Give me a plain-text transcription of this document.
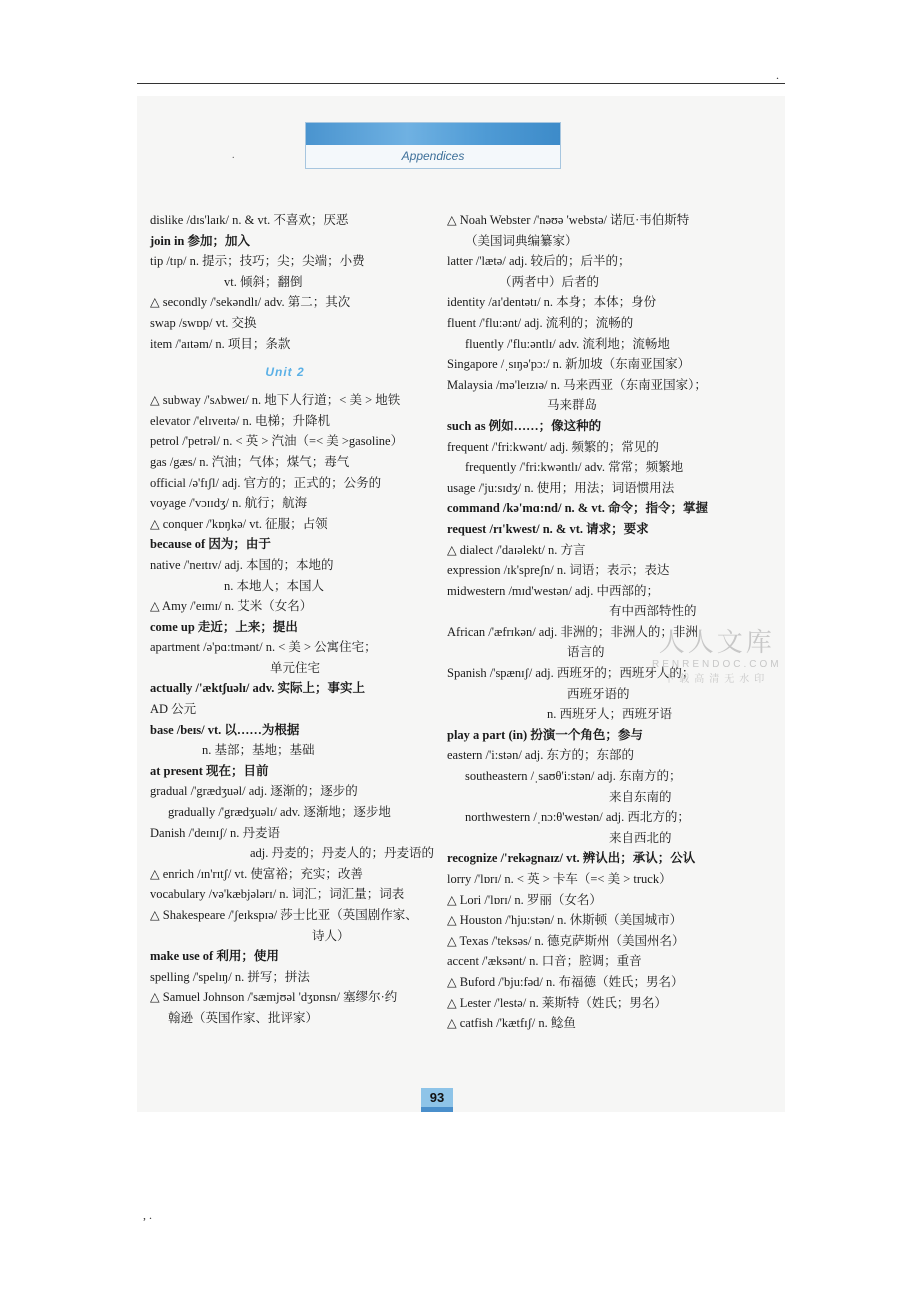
.
Appendices
.
dislike /dɪs'laɪk/ n. & vt. 不喜欢；厌恶
join in 参加；加入
tip /tɪp/ n. 提示；技巧；尖；尖端；小费
vt. 倾斜；翻倒
△ secondly /'sekəndlɪ/ adv. 第二；其次
swap /swɒp/ vt. 交换
item /'aɪtəm/ n. 项目；条款
Unit 2
△ subway /'sʌbweɪ/ n. 地下人行道；< 美 > 地铁
elevator /'elɪveɪtə/ n. 电梯；升降机
petrol /'petrəl/ n. < 英 > 汽油（=< 美 >gasoline）
gas /gæs/ n. 汽油；气体；煤气；毒气
official /ə'fɪʃl/ adj. 官方的；正式的；公务的
voyage /'vɔɪɪdʒ/ n. 航行；航海
△ conquer /'kɒŋkə/ vt. 征服；占领
because of 因为；由于
native /'neɪtɪv/ adj. 本国的；本地的
n. 本地人；本国人
△ Amy /'eɪmɪ/ n. 艾米（女名）
come up 走近；上来；提出
apartment /ə'pɑ:tmənt/ n. < 美 > 公寓住宅；
单元住宅
actually /'æktʃuəlɪ/ adv. 实际上；事实上
AD 公元
base /beɪs/ vt. 以……为根据
n. 基部；基地；基础
at present 现在；目前
gradual /'grædʒuəl/ adj. 逐渐的；逐步的
gradually /'grædʒuəlɪ/ adv. 逐渐地；逐步地
Danish /'deɪnɪʃ/ n. 丹麦语
adj. 丹麦的；丹麦人的；丹麦语的
△ enrich /ɪn'rɪtʃ/ vt. 使富裕；充实；改善
vocabulary /və'kæbjələrɪ/ n. 词汇；词汇量；词表
△ Shakespeare /'ʃeɪkspɪə/ 莎士比亚（英国剧作家、
诗人）
make use of 利用；使用
spelling /'spelɪŋ/ n. 拼写；拼法
△ Samuel Johnson /'sæmjʊəl 'dʒɒnsn/ 塞缪尔·约
翰逊（英国作家、批评家）
△ Noah Webster /'nəʊə 'webstə/ 诺厄·韦伯斯特
（美国词典编纂家）
latter /'lætə/ adj. 较后的；后半的；
（两者中）后者的
identity /aɪ'dentətɪ/ n. 本身；本体；身份
fluent /'flu:ənt/ adj. 流利的；流畅的
fluently /'flu:əntlɪ/ adv. 流利地；流畅地
Singapore /ˌsɪŋə'pɔ:/ n. 新加坡（东南亚国家）
Malaysia /mə'leɪzɪə/ n. 马来西亚（东南亚国家）；
马来群岛
such as 例如……；像这种的
frequent /'fri:kwənt/ adj. 频繁的；常见的
frequently /'fri:kwəntlɪ/ adv. 常常；频繁地
usage /'ju:sɪdʒ/ n. 使用；用法；词语惯用法
command /kə'mɑ:nd/ n. & vt. 命令；指令；掌握
request /rɪ'kwest/ n. & vt. 请求；要求
△ dialect /'daɪəlekt/ n. 方言
expression /ɪk'spreʃn/ n. 词语；表示；表达
midwestern /mɪd'westən/ adj. 中西部的；
有中西部特性的
African /'æfrɪkən/ adj. 非洲的；非洲人的；非洲
语言的
Spanish /'spænɪʃ/ adj. 西班牙的；西班牙人的；
西班牙语的
n. 西班牙人；西班牙语
play a part (in) 扮演一个角色；参与
eastern /'i:stən/ adj. 东方的；东部的
southeastern /ˌsaʊθ'i:stən/ adj. 东南方的；
来自东南的
northwestern /ˌnɔ:θ'westən/ adj. 西北方的；
来自西北的
recognize /'rekəgnaɪz/ vt. 辨认出；承认；公认
lorry /'lɒrɪ/ n. < 英 > 卡车（=< 美 > truck）
△ Lori /'lɒrɪ/ n. 罗丽（女名）
△ Houston /'hju:stən/ n. 休斯顿（美国城市）
△ Texas /'teksəs/ n. 德克萨斯州（美国州名）
accent /'æksənt/ n. 口音；腔调；重音
△ Buford /'bju:fəd/ n. 布福德（姓氏；男名）
△ Lester /'lestə/ n. 莱斯特（姓氏；男名）
△ catfish /'kætfɪʃ/ n. 鲶鱼
人人文库
RENRENDOC.COM
下载高清无水印
93
, .
